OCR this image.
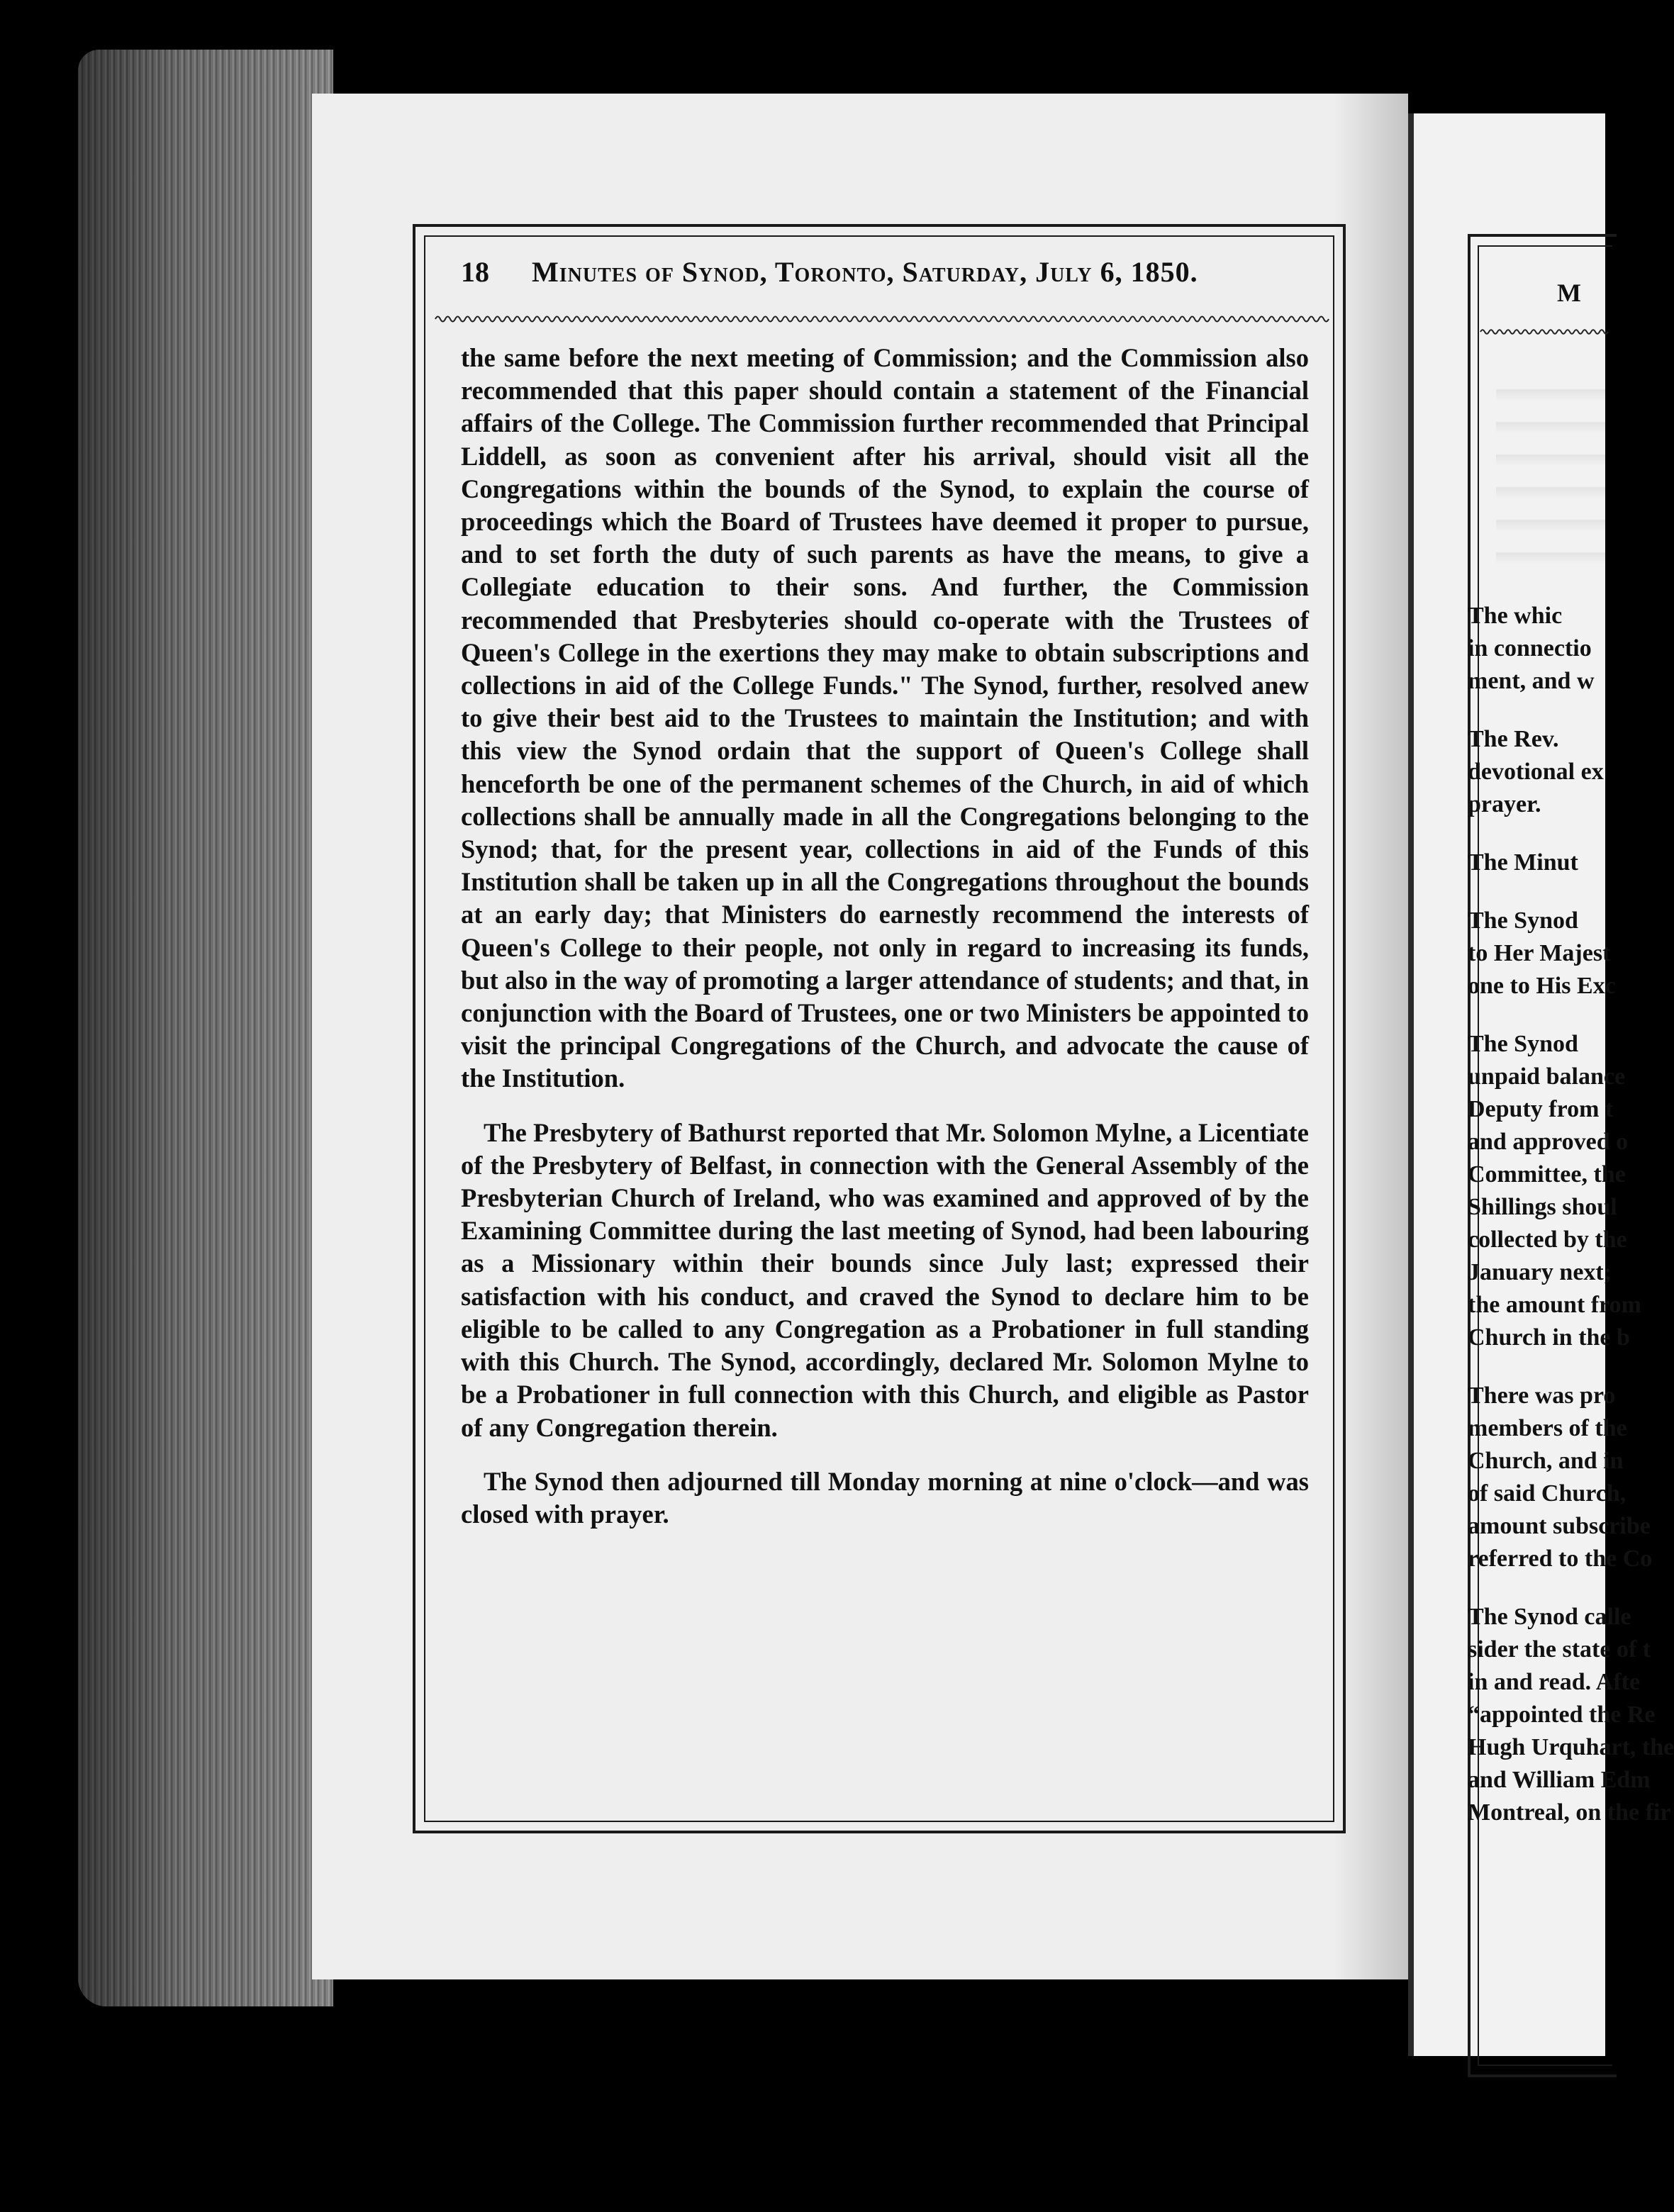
18	Minutes of Synod, Toronto, Saturday, July 6, 1850.

the same before the next meeting of Commission; and the Commission also recommended that this paper should contain a statement of the Financial affairs of the College. The Commission further recommended that Principal Liddell, as soon as convenient after his arrival, should visit all the Congregations within the bounds of the Synod, to explain the course of proceedings which the Board of Trustees have deemed it proper to pursue, and to set forth the duty of such parents as have the means, to give a Collegiate education to their sons. And further, the Commission recommended that Presbyteries should co-operate with the Trustees of Queen's College in the exertions they may make to obtain subscriptions and collections in aid of the College Funds." The Synod, further, resolved anew to give their best aid to the Trustees to maintain the Institution; and with this view the Synod ordain that the support of Queen's College shall henceforth be one of the permanent schemes of the Church, in aid of which collections shall be annually made in all the Congregations belonging to the Synod; that, for the present year, collections in aid of the Funds of this Institution shall be taken up in all the Congregations throughout the bounds at an early day; that Ministers do earnestly recommend the interests of Queen's College to their people, not only in regard to increasing its funds, but also in the way of promoting a larger attendance of students; and that, in conjunction with the Board of Trustees, one or two Ministers be appointed to visit the principal Congregations of the Church, and advocate the cause of the Institution.

The Presbytery of Bathurst reported that Mr. Solomon Mylne, a Licentiate of the Presbytery of Belfast, in connection with the General Assembly of the Presbyterian Church of Ireland, who was examined and approved of by the Examining Committee during the last meeting of Synod, had been labouring as a Missionary within their bounds since July last; expressed their satisfaction with his conduct, and craved the Synod to declare him to be eligible to be called to any Congregation as a Probationer in full standing with this Church. The Synod, accordingly, declared Mr. Solomon Mylne to be a Probationer in full connection with this Church, and eligible as Pastor of any Congregation therein.

The Synod then adjourned till Monday morning at nine o'clock—and was closed with prayer.

M
The whic
in connectio
ment, and w
The Rev.
devotional ex
prayer.
The Minut
The Synod
to Her Majest
one to His Exc
The Synod
unpaid balance
Deputy from t
and approved o
Committee, the
Shillings shoul
collected by the
January next;
the amount from
Church in the b
There was pro
members of the
Church, and in
of said Church,
amount subscribe
referred to the Co
The Synod calle
sider the state of t
in and read. Afte
“appointed the Re
Hugh Urquhart, the
and William Edm
Montreal, on the fir
